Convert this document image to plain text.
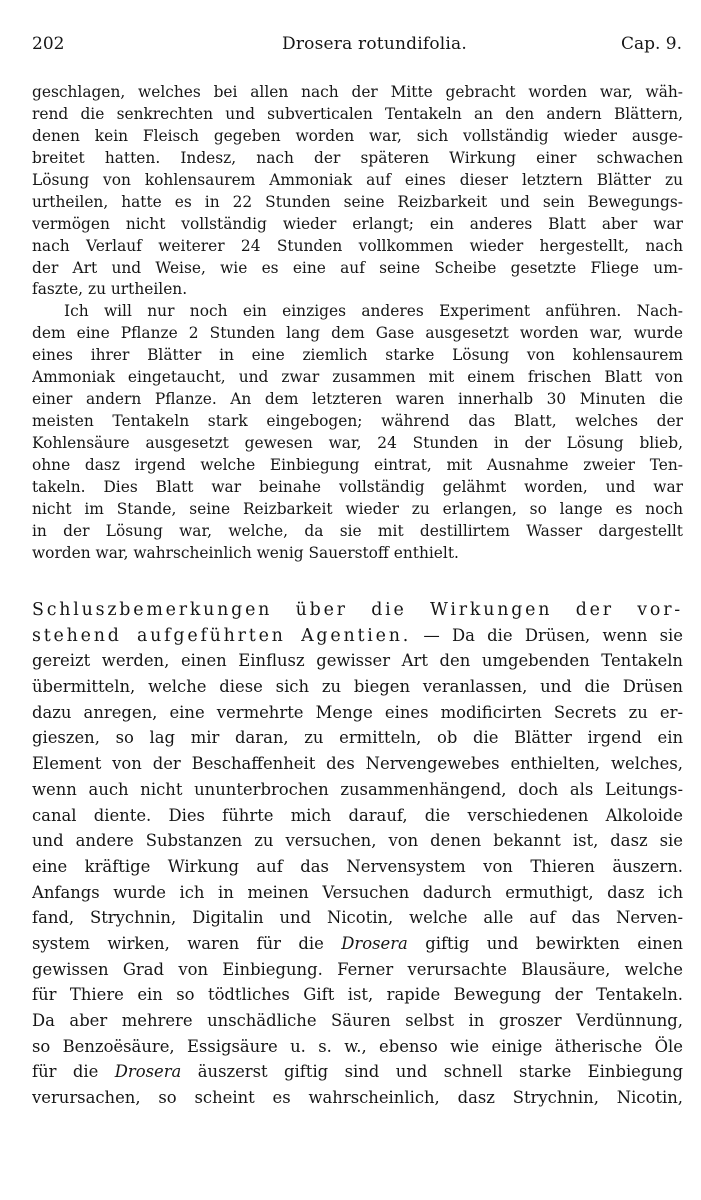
202	Drosera rotundifolia.	Cap. 9.
geschlagen, welches bei allen nach der Mitte gebracht worden war, wäh-
rend die senkrechten und subverticalen Tentakeln an den andern Blättern,
denen kein Fleisch gegeben worden war, sich vollständig wieder ausge-
breitet hatten. Indesz, nach der späteren Wirkung einer schwachen
Lösung von kohlensaurem Ammoniak auf eines dieser letztern Blätter zu
urtheilen, hatte es in 22 Stunden seine Reizbarkeit und sein Bewegungs-
vermögen nicht vollständig wieder erlangt; ein anderes Blatt aber war
nach Verlauf weiterer 24 Stunden vollkommen wieder hergestellt, nach
der Art und Weise, wie es eine auf seine Scheibe gesetzte Fliege um-
faszte, zu urtheilen.
Ich will nur noch ein einziges anderes Experiment anführen. Nach-
dem eine Pflanze 2 Stunden lang dem Gase ausgesetzt worden war, wurde
eines ihrer Blätter in eine ziemlich starke Lösung von kohlensaurem
Ammoniak eingetaucht, und zwar zusammen mit einem frischen Blatt von
einer andern Pflanze. An dem letzteren waren innerhalb 30 Minuten die
meisten Tentakeln stark eingebogen; während das Blatt, welches der
Kohlensäure ausgesetzt gewesen war, 24 Stunden in der Lösung blieb,
ohne dasz irgend welche Einbiegung eintrat, mit Ausnahme zweier Ten-
takeln. Dies Blatt war beinahe vollständig gelähmt worden, und war
nicht im Stande, seine Reizbarkeit wieder zu erlangen, so lange es noch
in der Lösung war, welche, da sie mit destillirtem Wasser dargestellt
worden war, wahrscheinlich wenig Sauerstoff enthielt.
Schluszbemerkungen über die Wirkungen der vor-
stehend aufgeführten Agentien. — Da die Drüsen, wenn sie
gereizt werden, einen Einflusz gewisser Art den umgebenden Tentakeln
übermitteln, welche diese sich zu biegen veranlassen, und die Drüsen
dazu anregen, eine vermehrte Menge eines modificirten Secrets zu er-
gieszen, so lag mir daran, zu ermitteln, ob die Blätter irgend ein
Element von der Beschaffenheit des Nervengewebes enthielten, welches,
wenn auch nicht ununterbrochen zusammenhängend, doch als Leitungs-
canal diente. Dies führte mich darauf, die verschiedenen Alkoloide
und andere Substanzen zu versuchen, von denen bekannt ist, dasz sie
eine kräftige Wirkung auf das Nervensystem von Thieren äuszern.
Anfangs wurde ich in meinen Versuchen dadurch ermuthigt, dasz ich
fand, Strychnin, Digitalin und Nicotin, welche alle auf das Nerven-
system wirken, waren für die Drosera giftig und bewirkten einen
gewissen Grad von Einbiegung. Ferner verursachte Blausäure, welche
für Thiere ein so tödtliches Gift ist, rapide Bewegung der Tentakeln.
Da aber mehrere unschädliche Säuren selbst in groszer Verdünnung,
so Benzoësäure, Essigsäure u. s. w., ebenso wie einige ätherische Öle
für die Drosera äuszerst giftig sind und schnell starke Einbiegung
verursachen, so scheint es wahrscheinlich, dasz Strychnin, Nicotin,
